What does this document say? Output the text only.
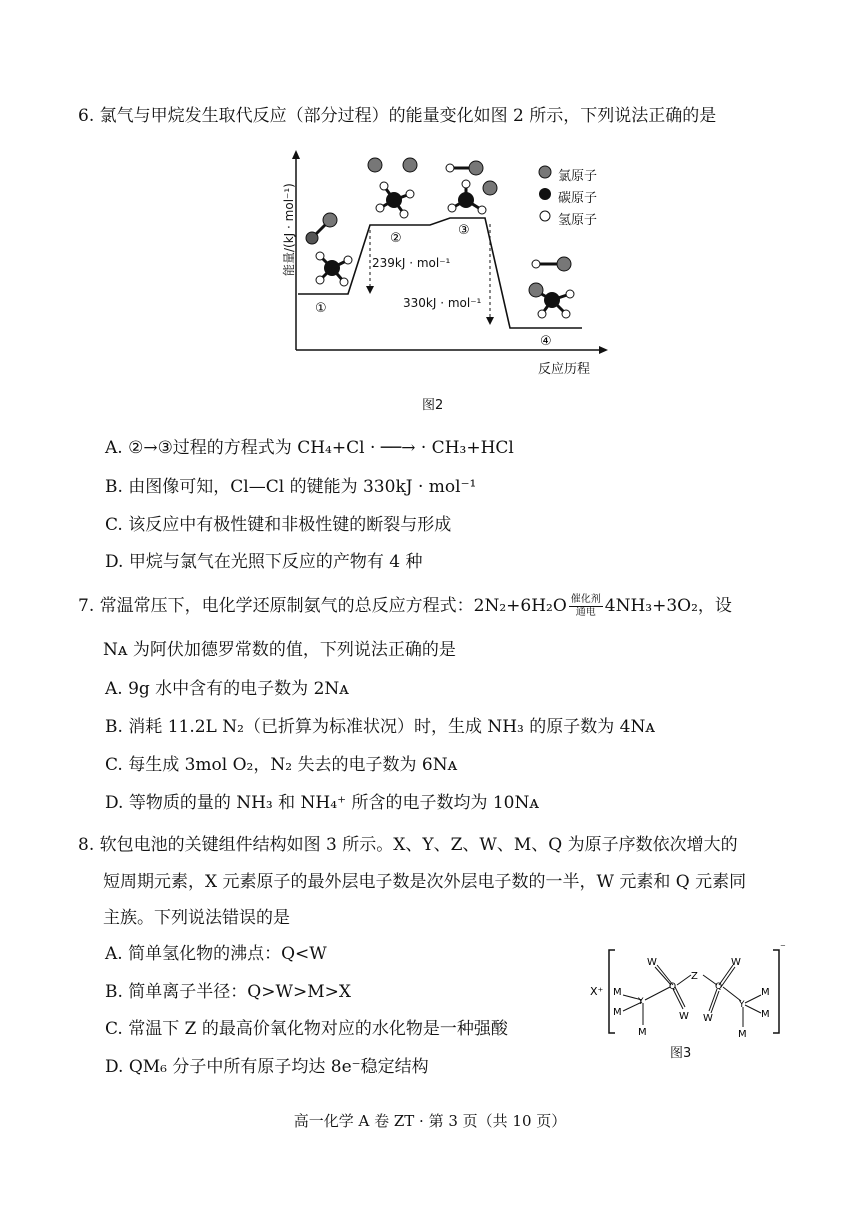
6. 氯气与甲烷发生取代反应（部分过程）的能量变化如图 2 所示，下列说法正确的是
①
②
③
④
能量/(kJ · mol⁻¹)	239kJ · mol⁻¹
330kJ · mol⁻¹
氯原子
碳原子
氢原子
反应历程
图2
A. ②→③过程的方程式为 CH₄+Cl · ──→ · CH₃+HCl
B. 由图像可知，Cl—Cl 的键能为 330kJ · mol⁻¹
C. 该反应中有极性键和非极性键的断裂与形成
D. 甲烷与氯气在光照下反应的产物有 4 种
7. 常温常压下，电化学还原制氨气的总反应方程式：2N₂+6H₂O 催化剂
通电 4NH₃+3O₂，设
Nᴀ 为阿伏加德罗常数的值，下列说法正确的是
A. 9g 水中含有的电子数为 2Nᴀ
B. 消耗 11.2L N₂（已折算为标准状况）时，生成 NH₃ 的原子数为 4Nᴀ
C. 每生成 3mol O₂，N₂ 失去的电子数为 6Nᴀ
D. 等物质的量的 NH₃ 和 NH₄⁺ 所含的电子数均为 10Nᴀ
8. 软包电池的关键组件结构如图 3 所示。X、Y、Z、W、M、Q 为原子序数依次增大的
短周期元素，X 元素原子的最外层电子数是次外层电子数的一半，W 元素和 Q 元素同
主族。下列说法错误的是
A. 简单氢化物的沸点：Q<W
B. 简单离子半径：Q>W>M>X
C. 常温下 Z 的最高价氧化物对应的水化物是一种强酸
D. QM₆ 分子中所有原子均达 8e⁻稳定结构
X⁺
⁻
M
M
Y
M
W
Q
W
Z
Q
W
W
Y
M
M
M
图3
高一化学 A 卷 ZT · 第 3 页（共 10 页）
